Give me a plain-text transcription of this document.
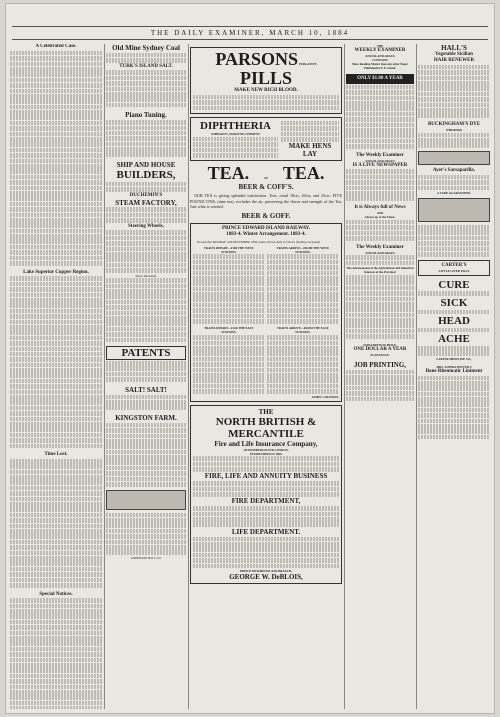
THE DAILY EXAMINER, MARCH 10, 1884
A Celebrated Case.
Lake Superior Copper Region.
Time Lost.
Special Notices.
Old Mine Sydney Coal
TURK'S ISLAND SALT.
Piano Tuning.
SHIP AND HOUSE
BUILDERS,
DUCHEMIN'S
STEAM FACTORY,
Steering Wheels,
Albert Duchemin.
PATENTS
SALT! SALT!
KINGSTON FARM.
ANDERSON HALL CO.
PARSONS PURGATIVE PILLS
MAKE NEW RICH BLOOD.
DIPHTHERIA
JOHNSON'S ANODYNE LINIMENT
MAKE HENS LAY
TEA.	AT TEA.
BEER & COFF'S.
OUR TEA is giving splendid satisfaction. Teas, retail 18cts, 20cts, and 25cts. FIVE POUND TINS, (nine tea), excludes the air, preserving the flavor and strength of the Tea. Just what is wanted.
BEER & GOFF.
PRINCE EDWARD ISLAND RAILWAY.
1883-4. Winter Arrangement. 1883-4.
On and after MONDAY, 10th DECEMBER, 1883, trains will run daily as follows (Sundays excepted):
TRAINS DEPART—FOR THE WEST.
STATIONS.
TRAINS ARRIVE—FROM THE WEST.
STATIONS.
TRAINS DEPART—FOR THE EAST.
STATIONS.
TRAINS ARRIVE—FROM THE EAST.
STATIONS.
JAMES COLEMAN,
THE
NORTH BRITISH & MERCANTILE
Fire and Life Insurance Company,
OF EDINBURGH AND LONDON,
ESTABLISHED IN 1809.
FIRE, LIFE AND ANNUITY BUSINESS
FIRE DEPARTMENT,
LIFE DEPARTMENT.
PRINCE EDWARD ISLAND BRANCH,
GEORGE W. DeBLOIS,
THE
WEEKLY EXAMINER
AND ISLAND ARGUS
CONTAINS
More Reading Matter than any other Paper Published in P. E. Island.
ONLY $1.00 A YEAR
The Weekly Examiner
AND ISLAND ARGUS
IS A LIVE NEWSPAPER
It is Always full of News
AND
Always up to the Times.
The Weekly Examiner
AND ISLAND ARGUS
The Advancement of the Agricultural and Industrial Interests of the Province!
SUBSCRIPTION PRICE,
ONE DOLLAR A YEAR
IN ADVANCE.
JOB PRINTING,
HALL'S
Vegetable Sicilian
HAIR RENEWER
BUCKINGHAM'S DYE
WHISKERS
Ayer's Sarsaparilla.
A CURE GUARANTEED.
CARTER'S
LITTLE LIVER PILLS
CURE
SICK
HEAD
ACHE
CARTER MEDICINE CO.,
MRS. SOPHIA POTTER'S
Bone Rheumatic Liniment
